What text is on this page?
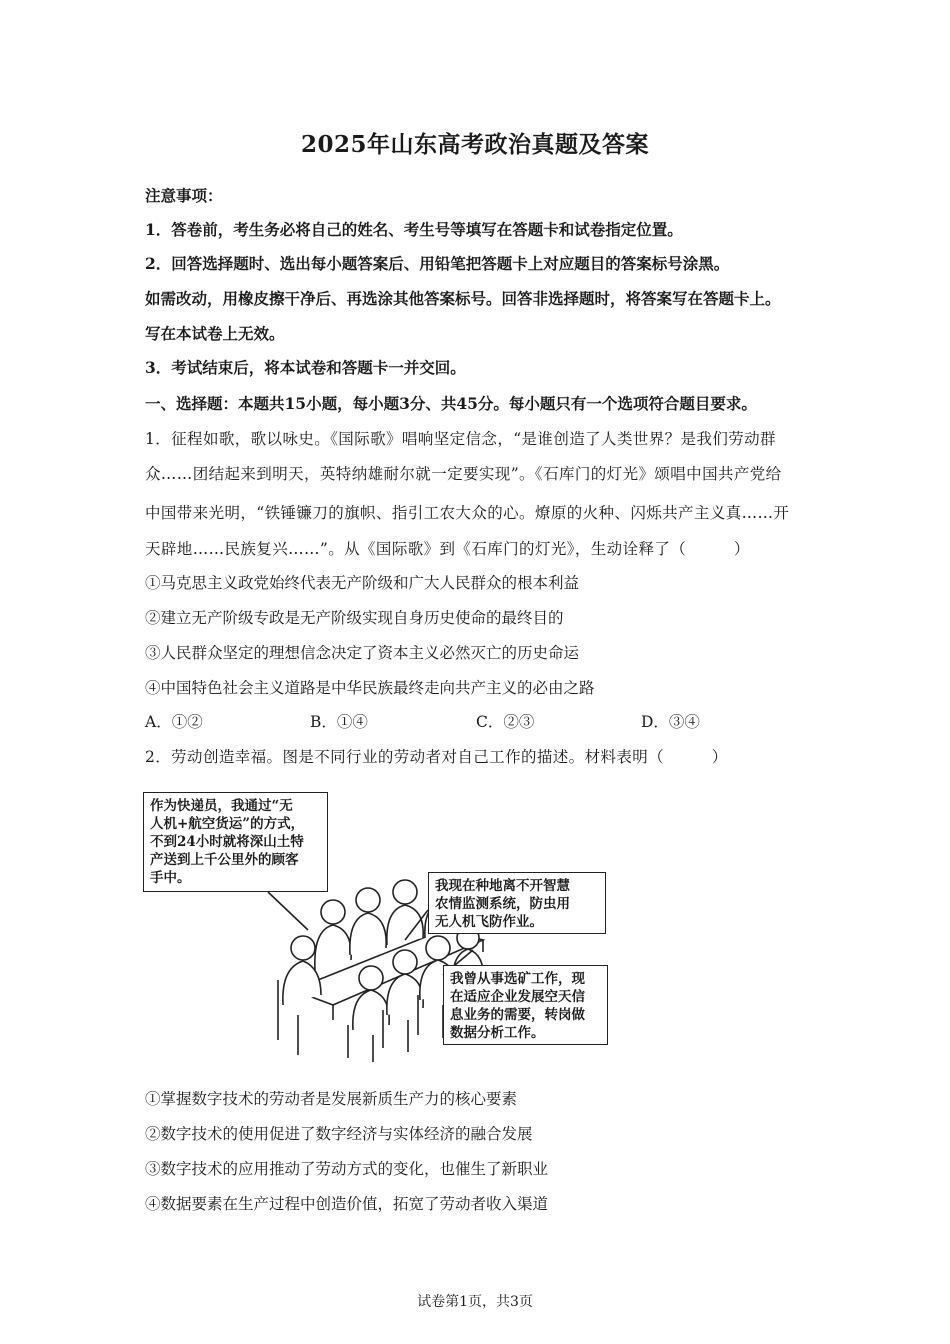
2025年山东高考政治真题及答案
注意事项：
1．答卷前，考生务必将自己的姓名、考生号等填写在答题卡和试卷指定位置。
2．回答选择题时、选出每小题答案后、用铅笔把答题卡上对应题目的答案标号涂黑。
如需改动，用橡皮擦干净后、再选涂其他答案标号。回答非选择题时，将答案写在答题卡上。
写在本试卷上无效。
3．考试结束后，将本试卷和答题卡一并交回。
一、选择题：本题共15小题，每小题3分、共45分。每小题只有一个选项符合题目要求。
1．征程如歌，歌以咏史。《国际歌》唱响坚定信念，“是谁创造了人类世界？是我们劳动群
众……团结起来到明天，英特纳雄耐尔就一定要实现”。《石库门的灯光》颂唱中国共产党给
中国带来光明，“铁锤镰刀的旗帜、指引工农大众的心。燎原的火种、闪烁共产主义真……开
天辟地……民族复兴……”。从《国际歌》到《石库门的灯光》，生动诠释了（　　　）
①马克思主义政党始终代表无产阶级和广大人民群众的根本利益
②建立无产阶级专政是无产阶级实现自身历史使命的最终目的
③人民群众坚定的理想信念决定了资本主义必然灭亡的历史命运
④中国特色社会主义道路是中华民族最终走向共产主义的必由之路
A．①②	B．①④	C．②③	D．③④
2．劳动创造幸福。图是不同行业的劳动者对自己工作的描述。材料表明（　　　）
作为快递员，我通过“无
人机+航空货运”的方式，
不到24小时就将深山土特
产送到上千公里外的顾客
手中。	我现在种地离不开智慧
农情监测系统，防虫用
无人机飞防作业。
我曾从事选矿工作，现
在适应企业发展空天信
息业务的需要，转岗做
数据分析工作。
①掌握数字技术的劳动者是发展新质生产力的核心要素
②数字技术的使用促进了数字经济与实体经济的融合发展
③数字技术的应用推动了劳动方式的变化，也催生了新职业
④数据要素在生产过程中创造价值，拓宽了劳动者收入渠道
试卷第1页，共3页
